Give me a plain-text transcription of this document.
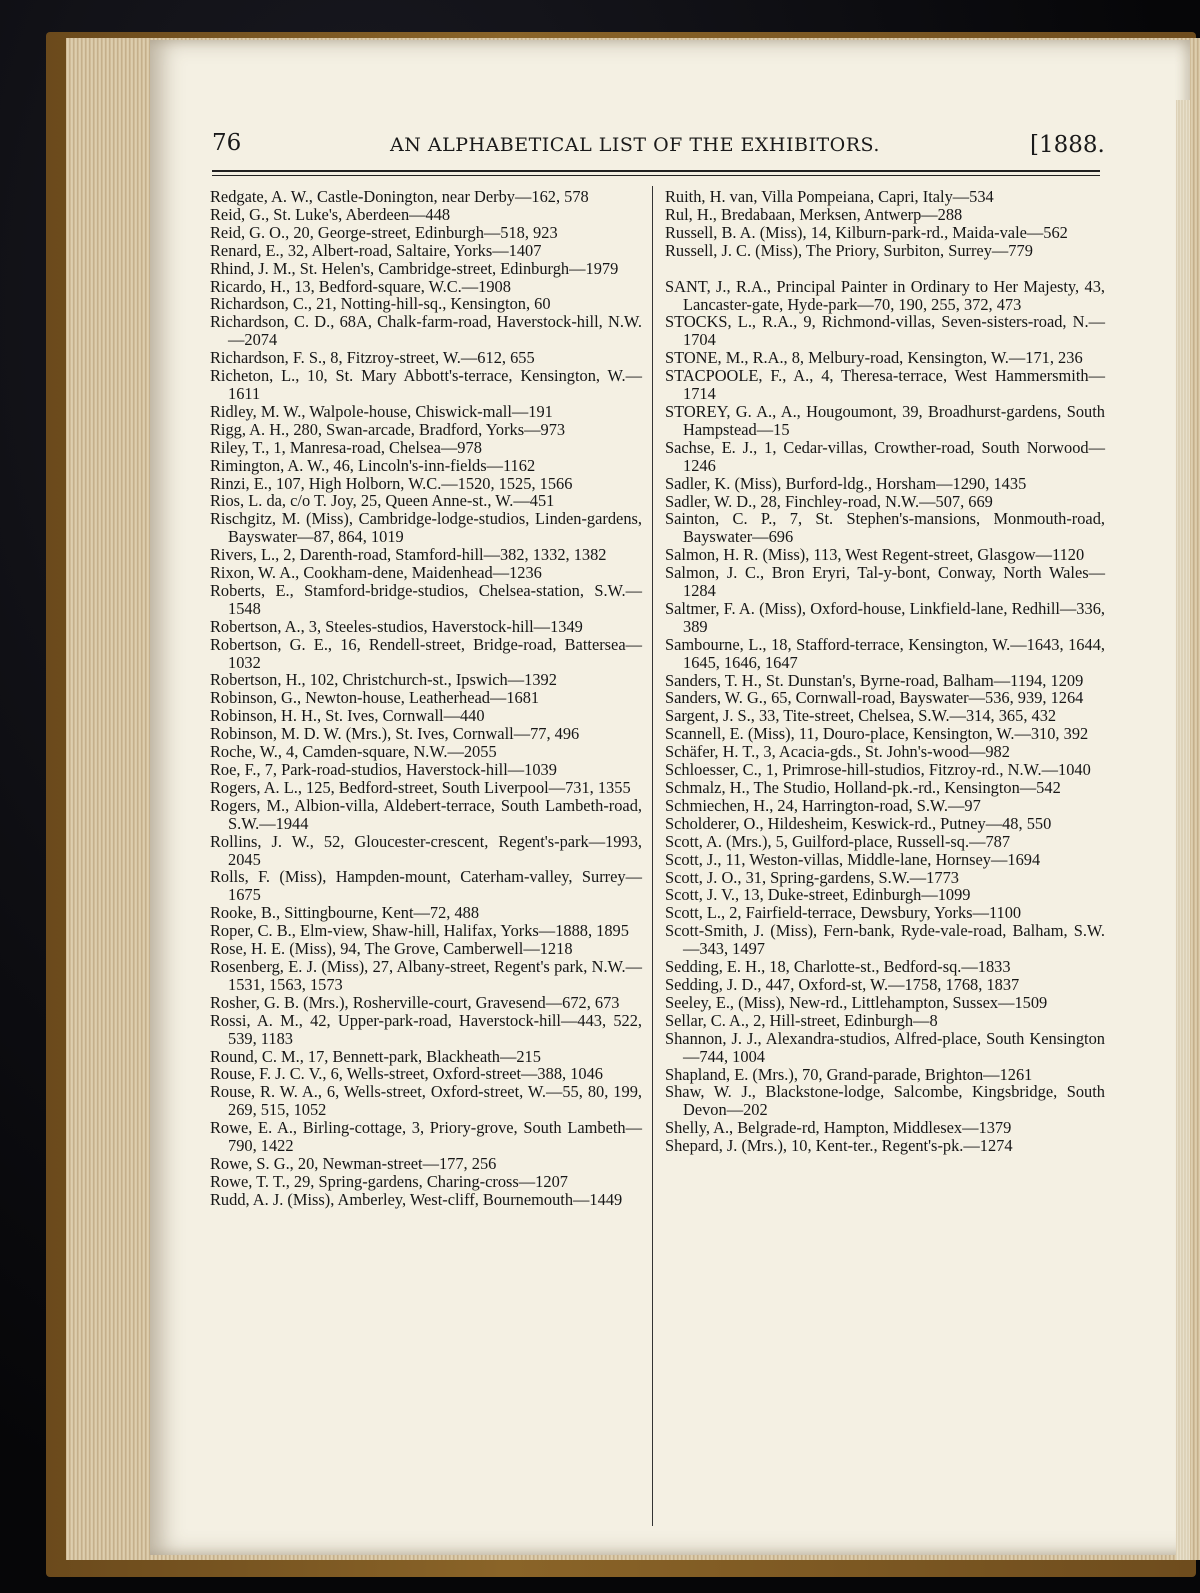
76	AN ALPHABETICAL LIST OF THE EXHIBITORS.	[1888.

Redgate, A. W., Castle-Donington, near Derby—162, 578

Reid, G., St. Luke's, Aberdeen—448

Reid, G. O., 20, George-street, Edinburgh—518, 923

Renard, E., 32, Albert-road, Saltaire, Yorks—1407

Rhind, J. M., St. Helen's, Cambridge-street, Edinburgh—1979

Ricardo, H., 13, Bedford-square, W.C.—1908

Richardson, C., 21, Notting-hill-sq., Kensington, 60

Richardson, C. D., 68A, Chalk-farm-road, Haverstock-hill, N.W.—2074

Richardson, F. S., 8, Fitzroy-street, W.—612, 655

Richeton, L., 10, St. Mary Abbott's-terrace, Kensington, W.—1611

Ridley, M. W., Walpole-house, Chiswick-mall—191

Rigg, A. H., 280, Swan-arcade, Bradford, Yorks—973

Riley, T., 1, Manresa-road, Chelsea—978

Rimington, A. W., 46, Lincoln's-inn-fields—1162

Rinzi, E., 107, High Holborn, W.C.—1520, 1525, 1566

Rios, L. da, c/o T. Joy, 25, Queen Anne-st., W.—451

Rischgitz, M. (Miss), Cambridge-lodge-studios, Linden-gardens, Bayswater—87, 864, 1019

Rivers, L., 2, Darenth-road, Stamford-hill—382, 1332, 1382

Rixon, W. A., Cookham-dene, Maidenhead—1236

Roberts, E., Stamford-bridge-studios, Chelsea-station, S.W.—1548

Robertson, A., 3, Steeles-studios, Haverstock-hill—1349

Robertson, G. E., 16, Rendell-street, Bridge-road, Battersea—1032

Robertson, H., 102, Christchurch-st., Ipswich—1392

Robinson, G., Newton-house, Leatherhead—1681

Robinson, H. H., St. Ives, Cornwall—440

Robinson, M. D. W. (Mrs.), St. Ives, Cornwall—77, 496

Roche, W., 4, Camden-square, N.W.—2055

Roe, F., 7, Park-road-studios, Haverstock-hill—1039

Rogers, A. L., 125, Bedford-street, South Liverpool—731, 1355

Rogers, M., Albion-villa, Aldebert-terrace, South Lambeth-road, S.W.—1944

Rollins, J. W., 52, Gloucester-crescent, Regent's-park—1993, 2045

Rolls, F. (Miss), Hampden-mount, Caterham-valley, Surrey—1675

Rooke, B., Sittingbourne, Kent—72, 488

Roper, C. B., Elm-view, Shaw-hill, Halifax, Yorks—1888, 1895

Rose, H. E. (Miss), 94, The Grove, Camberwell—1218

Rosenberg, E. J. (Miss), 27, Albany-street, Regent's park, N.W.—1531, 1563, 1573

Rosher, G. B. (Mrs.), Rosherville-court, Gravesend—672, 673

Rossi, A. M., 42, Upper-park-road, Haverstock-hill—443, 522, 539, 1183

Round, C. M., 17, Bennett-park, Blackheath—215

Rouse, F. J. C. V., 6, Wells-street, Oxford-street—388, 1046

Rouse, R. W. A., 6, Wells-street, Oxford-street, W.—55, 80, 199, 269, 515, 1052

Rowe, E. A., Birling-cottage, 3, Priory-grove, South Lambeth—790, 1422

Rowe, S. G., 20, Newman-street—177, 256

Rowe, T. T., 29, Spring-gardens, Charing-cross—1207

Rudd, A. J. (Miss), Amberley, West-cliff, Bournemouth—1449

Ruith, H. van, Villa Pompeiana, Capri, Italy—534

Rul, H., Bredabaan, Merksen, Antwerp—288

Russell, B. A. (Miss), 14, Kilburn-park-rd., Maida-vale—562

Russell, J. C. (Miss), The Priory, Surbiton, Surrey—779

SANT, J., R.A., Principal Painter in Ordinary to Her Majesty, 43, Lancaster-gate, Hyde-park—70, 190, 255, 372, 473

STOCKS, L., R.A., 9, Richmond-villas, Seven-sisters-road, N.—1704

STONE, M., R.A., 8, Melbury-road, Kensington, W.—171, 236

STACPOOLE, F., A., 4, Theresa-terrace, West Hammersmith—1714

STOREY, G. A., A., Hougoumont, 39, Broadhurst-gardens, South Hampstead—15

Sachse, E. J., 1, Cedar-villas, Crowther-road, South Norwood—1246

Sadler, K. (Miss), Burford-ldg., Horsham—1290, 1435

Sadler, W. D., 28, Finchley-road, N.W.—507, 669

Sainton, C. P., 7, St. Stephen's-mansions, Monmouth-road, Bayswater—696

Salmon, H. R. (Miss), 113, West Regent-street, Glasgow—1120

Salmon, J. C., Bron Eryri, Tal-y-bont, Conway, North Wales—1284

Saltmer, F. A. (Miss), Oxford-house, Linkfield-lane, Redhill—336, 389

Sambourne, L., 18, Stafford-terrace, Kensington, W.—1643, 1644, 1645, 1646, 1647

Sanders, T. H., St. Dunstan's, Byrne-road, Balham—1194, 1209

Sanders, W. G., 65, Cornwall-road, Bayswater—536, 939, 1264

Sargent, J. S., 33, Tite-street, Chelsea, S.W.—314, 365, 432

Scannell, E. (Miss), 11, Douro-place, Kensington, W.—310, 392

Schäfer, H. T., 3, Acacia-gds., St. John's-wood—982

Schloesser, C., 1, Primrose-hill-studios, Fitzroy-rd., N.W.—1040

Schmalz, H., The Studio, Holland-pk.-rd., Kensington—542

Schmiechen, H., 24, Harrington-road, S.W.—97

Scholderer, O., Hildesheim, Keswick-rd., Putney—48, 550

Scott, A. (Mrs.), 5, Guilford-place, Russell-sq.—787

Scott, J., 11, Weston-villas, Middle-lane, Hornsey—1694

Scott, J. O., 31, Spring-gardens, S.W.—1773

Scott, J. V., 13, Duke-street, Edinburgh—1099

Scott, L., 2, Fairfield-terrace, Dewsbury, Yorks—1100

Scott-Smith, J. (Miss), Fern-bank, Ryde-vale-road, Balham, S.W.—343, 1497

Sedding, E. H., 18, Charlotte-st., Bedford-sq.—1833

Sedding, J. D., 447, Oxford-st, W.—1758, 1768, 1837

Seeley, E., (Miss), New-rd., Littlehampton, Sussex—1509

Sellar, C. A., 2, Hill-street, Edinburgh—8

Shannon, J. J., Alexandra-studios, Alfred-place, South Kensington—744, 1004

Shapland, E. (Mrs.), 70, Grand-parade, Brighton—1261

Shaw, W. J., Blackstone-lodge, Salcombe, Kingsbridge, South Devon—202

Shelly, A., Belgrade-rd, Hampton, Middlesex—1379

Shepard, J. (Mrs.), 10, Kent-ter., Regent's-pk.—1274
